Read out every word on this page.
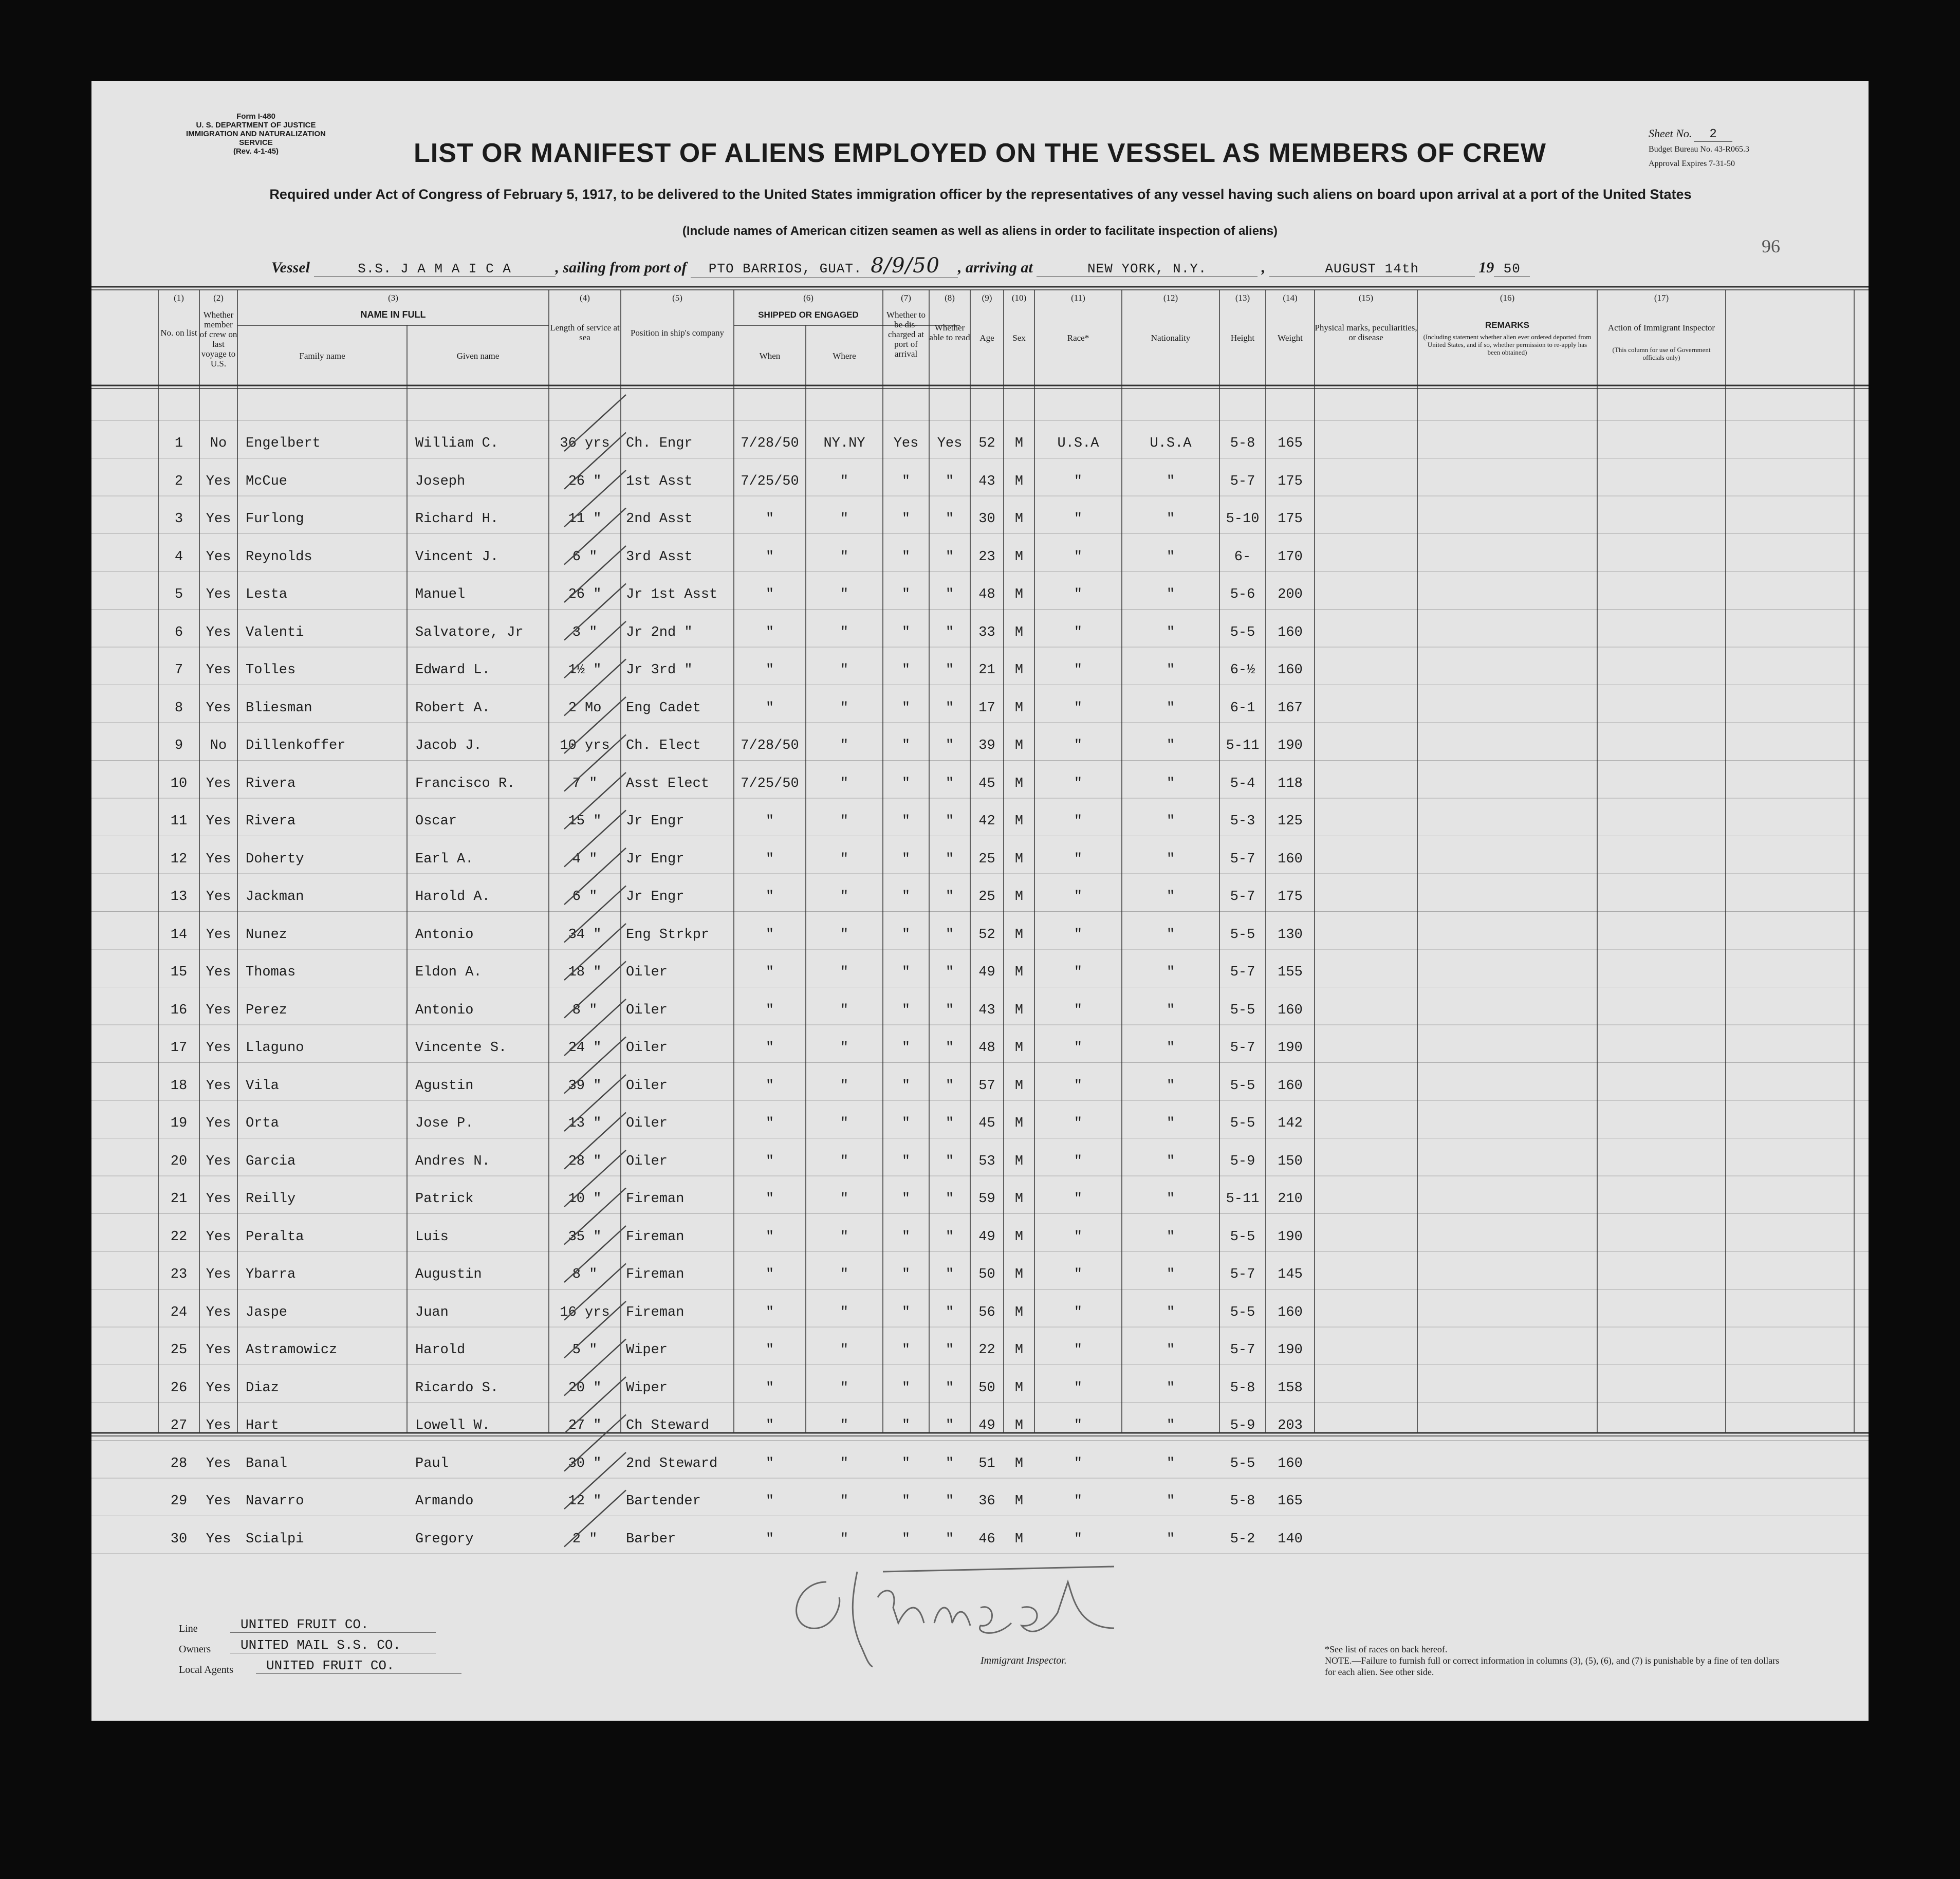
Form I-480
U. S. DEPARTMENT OF JUSTICE
IMMIGRATION AND NATURALIZATION SERVICE
(Rev. 4-1-45)
Sheet No. 2
Budget Bureau No. 43-R065.3
Approval Expires 7-31-50
LIST OR MANIFEST OF ALIENS EMPLOYED ON THE VESSEL AS MEMBERS OF CREW
Required under Act of Congress of February 5, 1917, to be delivered to the United States immigration officer by the representatives of any vessel having such aliens on board upon arrival at a port of the United States
(Include names of American citizen seamen as well as aliens in order to facilitate inspection of aliens)
96
Vessel	S.S. J A M A I C A	, sailing from port of PTO BARRIOS, GUAT. 8/9/50 , arriving at	NEW YORK, N.Y.	,	AUGUST 14th	19 50
(1)	(2)	(3)	(4)	(5)	(6)	(7)	(8)	(9)	(10)	(11)	(12)	(13)	(14)	(15)	(16)	(17)
No. on list
Whether member of crew on last voyage to U.S.
NAME IN FULL
Family name	Given name
Length of service at sea	Position in ship's company
SHIPPED OR ENGAGED
When	Where
Whether to be dis-charged at port of arrival
Whether able to read	Age	Sex	Race*	Nationality	Height	Weight
Physical marks, peculiarities, or disease
REMARKS
(Including statement whether alien ever ordered deported from United States, and if so, whether permission to re-apply has been obtained)
Action of Immigrant Inspector
(This column for use of Government officials only)
1	No	Engelbert	William C.	36 yrs	Ch. Engr	7/28/50	NY.NY	Yes	Yes	52	M	U.S.A	U.S.A	5-8	165
2	Yes	McCue	Joseph	26 "	1st Asst	7/25/50	"	"	"	43	M	"	"	5-7	175
3	Yes	Furlong	Richard H.	11 "	2nd Asst	"	"	"	"	30	M	"	"	5-10	175
4	Yes	Reynolds	Vincent J.	6 "	3rd Asst	"	"	"	"	23	M	"	"	6-	170
5	Yes	Lesta	Manuel	26 "	Jr 1st Asst	"	"	"	"	48	M	"	"	5-6	200
6	Yes	Valenti	Salvatore, Jr	3 "	Jr 2nd "	"	"	"	"	33	M	"	"	5-5	160
7	Yes	Tolles	Edward L.	1½ "	Jr 3rd "	"	"	"	"	21	M	"	"	6-½	160
8	Yes	Bliesman	Robert A.	2 Mo	Eng Cadet	"	"	"	"	17	M	"	"	6-1	167
9	No	Dillenkoffer	Jacob J.	10 yrs	Ch. Elect	7/28/50	"	"	"	39	M	"	"	5-11	190
10	Yes	Rivera	Francisco R.	7 "	Asst Elect	7/25/50	"	"	"	45	M	"	"	5-4	118
11	Yes	Rivera	Oscar	15 "	Jr Engr	"	"	"	"	42	M	"	"	5-3	125
12	Yes	Doherty	Earl A.	4 "	Jr Engr	"	"	"	"	25	M	"	"	5-7	160
13	Yes	Jackman	Harold A.	6 "	Jr Engr	"	"	"	"	25	M	"	"	5-7	175
14	Yes	Nunez	Antonio	34 "	Eng Strkpr	"	"	"	"	52	M	"	"	5-5	130
15	Yes	Thomas	Eldon A.	18 "	Oiler	"	"	"	"	49	M	"	"	5-7	155
16	Yes	Perez	Antonio	8 "	Oiler	"	"	"	"	43	M	"	"	5-5	160
17	Yes	Llaguno	Vincente S.	24 "	Oiler	"	"	"	"	48	M	"	"	5-7	190
18	Yes	Vila	Agustin	39 "	Oiler	"	"	"	"	57	M	"	"	5-5	160
19	Yes	Orta	Jose P.	13 "	Oiler	"	"	"	"	45	M	"	"	5-5	142
20	Yes	Garcia	Andres N.	28 "	Oiler	"	"	"	"	53	M	"	"	5-9	150
21	Yes	Reilly	Patrick	10 "	Fireman	"	"	"	"	59	M	"	"	5-11	210
22	Yes	Peralta	Luis	35 "	Fireman	"	"	"	"	49	M	"	"	5-5	190
23	Yes	Ybarra	Augustin	8 "	Fireman	"	"	"	"	50	M	"	"	5-7	145
24	Yes	Jaspe	Juan	16 yrs	Fireman	"	"	"	"	56	M	"	"	5-5	160
25	Yes	Astramowicz	Harold	5 "	Wiper	"	"	"	"	22	M	"	"	5-7	190
26	Yes	Diaz	Ricardo S.	20 "	Wiper	"	"	"	"	50	M	"	"	5-8	158
27	Yes	Hart	Lowell W.	27 "	Ch Steward	"	"	"	"	49	M	"	"	5-9	203
28	Yes	Banal	Paul	30 "	2nd Steward	"	"	"	"	51	M	"	"	5-5	160
29	Yes	Navarro	Armando	12 "	Bartender	"	"	"	"	36	M	"	"	5-8	165
30	Yes	Scialpi	Gregory	2 "	Barber	"	"	"	"	46	M	"	"	5-2	140
Line	UNITED FRUIT CO.
Owners	UNITED MAIL S.S. CO.
Local Agents	UNITED FRUIT CO.	Immigrant Inspector.
*See list of races on back hereof.
NOTE.—Failure to furnish full or correct information in columns (3), (5), (6), and (7) is punishable by a fine of ten dollars for each alien. See other side.
